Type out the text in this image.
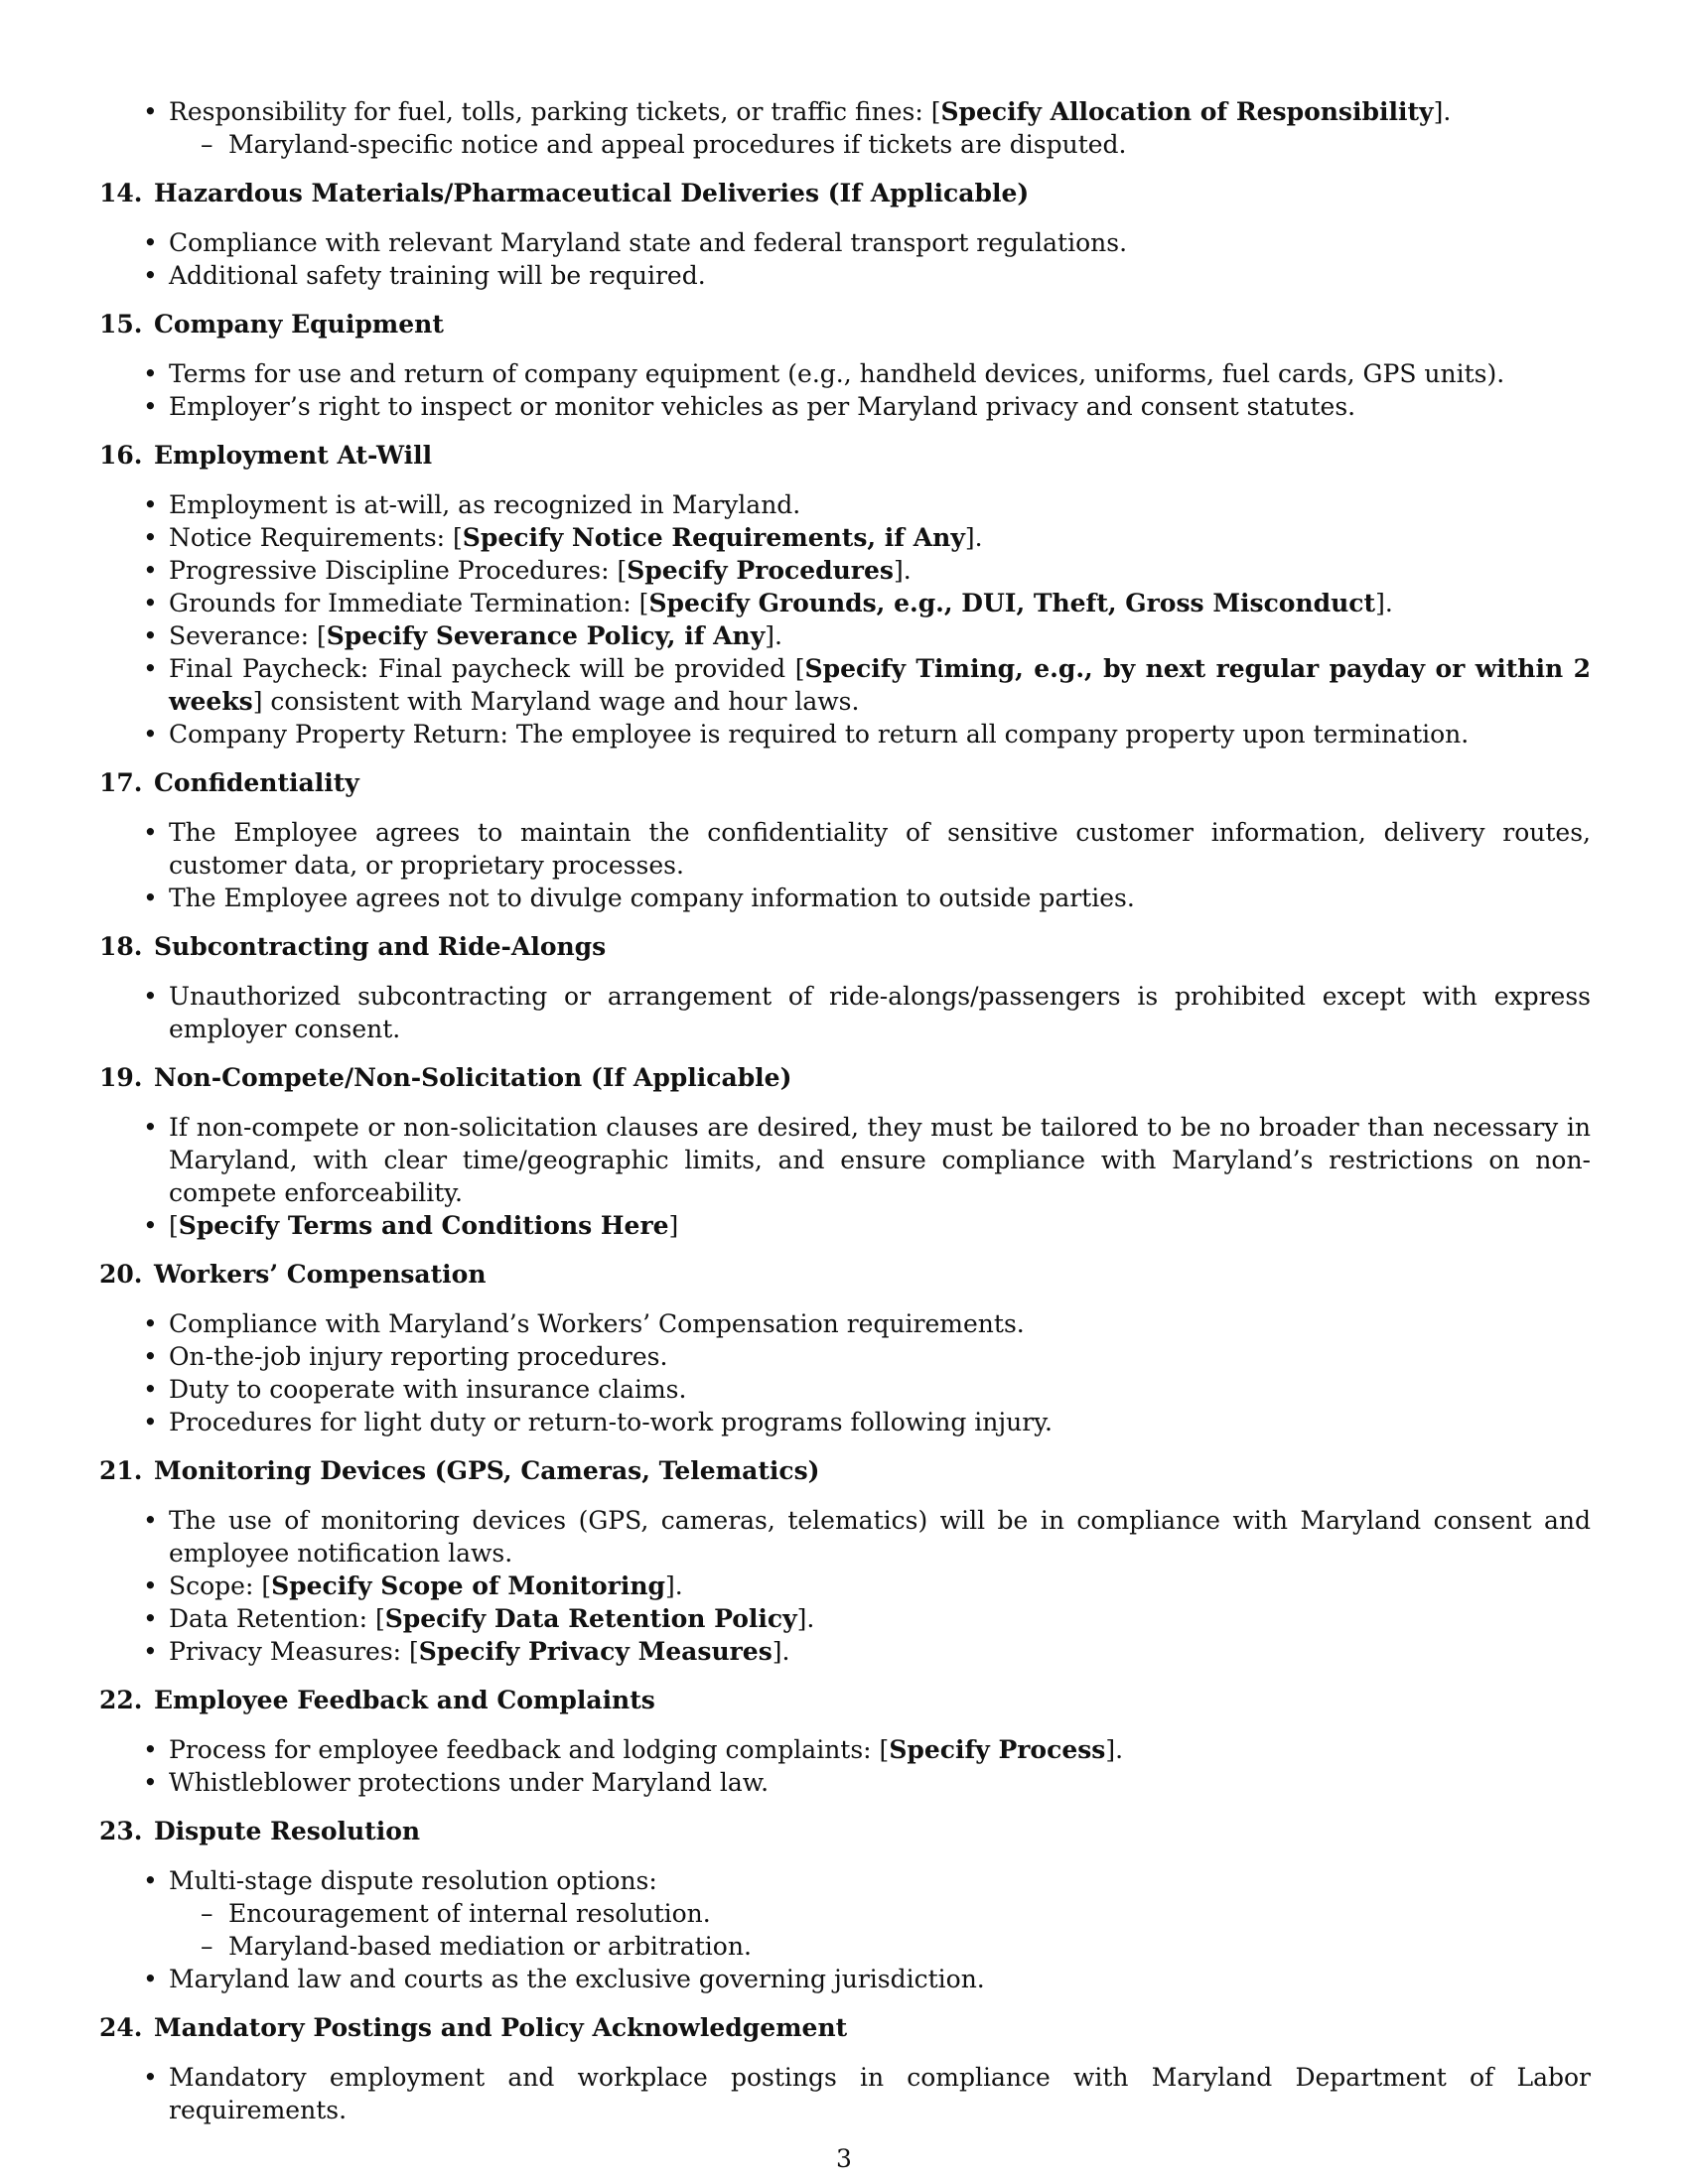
• Responsibility for fuel, tolls, parking tickets, or traffic fines: [Specify Allocation of Responsibility].
– Maryland-specific notice and appeal procedures if tickets are disputed.
14. Hazardous Materials/Pharmaceutical Deliveries (If Applicable)
• Compliance with relevant Maryland state and federal transport regulations.
• Additional safety training will be required.
15. Company Equipment
• Terms for use and return of company equipment (e.g., handheld devices, uniforms, fuel cards, GPS units).
• Employer’s right to inspect or monitor vehicles as per Maryland privacy and consent statutes.
16. Employment At-Will
• Employment is at-will, as recognized in Maryland.
• Notice Requirements: [Specify Notice Requirements, if Any].
• Progressive Discipline Procedures: [Specify Procedures].
• Grounds for Immediate Termination: [Specify Grounds, e.g., DUI, Theft, Gross Misconduct].
• Severance: [Specify Severance Policy, if Any].
• Final Paycheck: Final paycheck will be provided [Specify Timing, e.g., by next regular payday or within 2 weeks] consistent with Maryland wage and hour laws.
• Company Property Return: The employee is required to return all company property upon termination.
17. Confidentiality
• The Employee agrees to maintain the confidentiality of sensitive customer information, delivery routes, customer data, or proprietary processes.
• The Employee agrees not to divulge company information to outside parties.
18. Subcontracting and Ride-Alongs
• Unauthorized subcontracting or arrangement of ride-alongs/passengers is prohibited except with express employer consent.
19. Non-Compete/Non-Solicitation (If Applicable)
• If non-compete or non-solicitation clauses are desired, they must be tailored to be no broader than necessary in Maryland, with clear time/geographic limits, and ensure compliance with Maryland’s restrictions on non-compete enforceability.
• [Specify Terms and Conditions Here]
20. Workers’ Compensation
• Compliance with Maryland’s Workers’ Compensation requirements.
• On-the-job injury reporting procedures.
• Duty to cooperate with insurance claims.
• Procedures for light duty or return-to-work programs following injury.
21. Monitoring Devices (GPS, Cameras, Telematics)
• The use of monitoring devices (GPS, cameras, telematics) will be in compliance with Maryland consent and employee notification laws.
• Scope: [Specify Scope of Monitoring].
• Data Retention: [Specify Data Retention Policy].
• Privacy Measures: [Specify Privacy Measures].
22. Employee Feedback and Complaints
• Process for employee feedback and lodging complaints: [Specify Process].
• Whistleblower protections under Maryland law.
23. Dispute Resolution
• Multi-stage dispute resolution options:
– Encouragement of internal resolution.
– Maryland-based mediation or arbitration.
• Maryland law and courts as the exclusive governing jurisdiction.
24. Mandatory Postings and Policy Acknowledgement
• Mandatory employment and workplace postings in compliance with Maryland Department of Labor requirements.
3
